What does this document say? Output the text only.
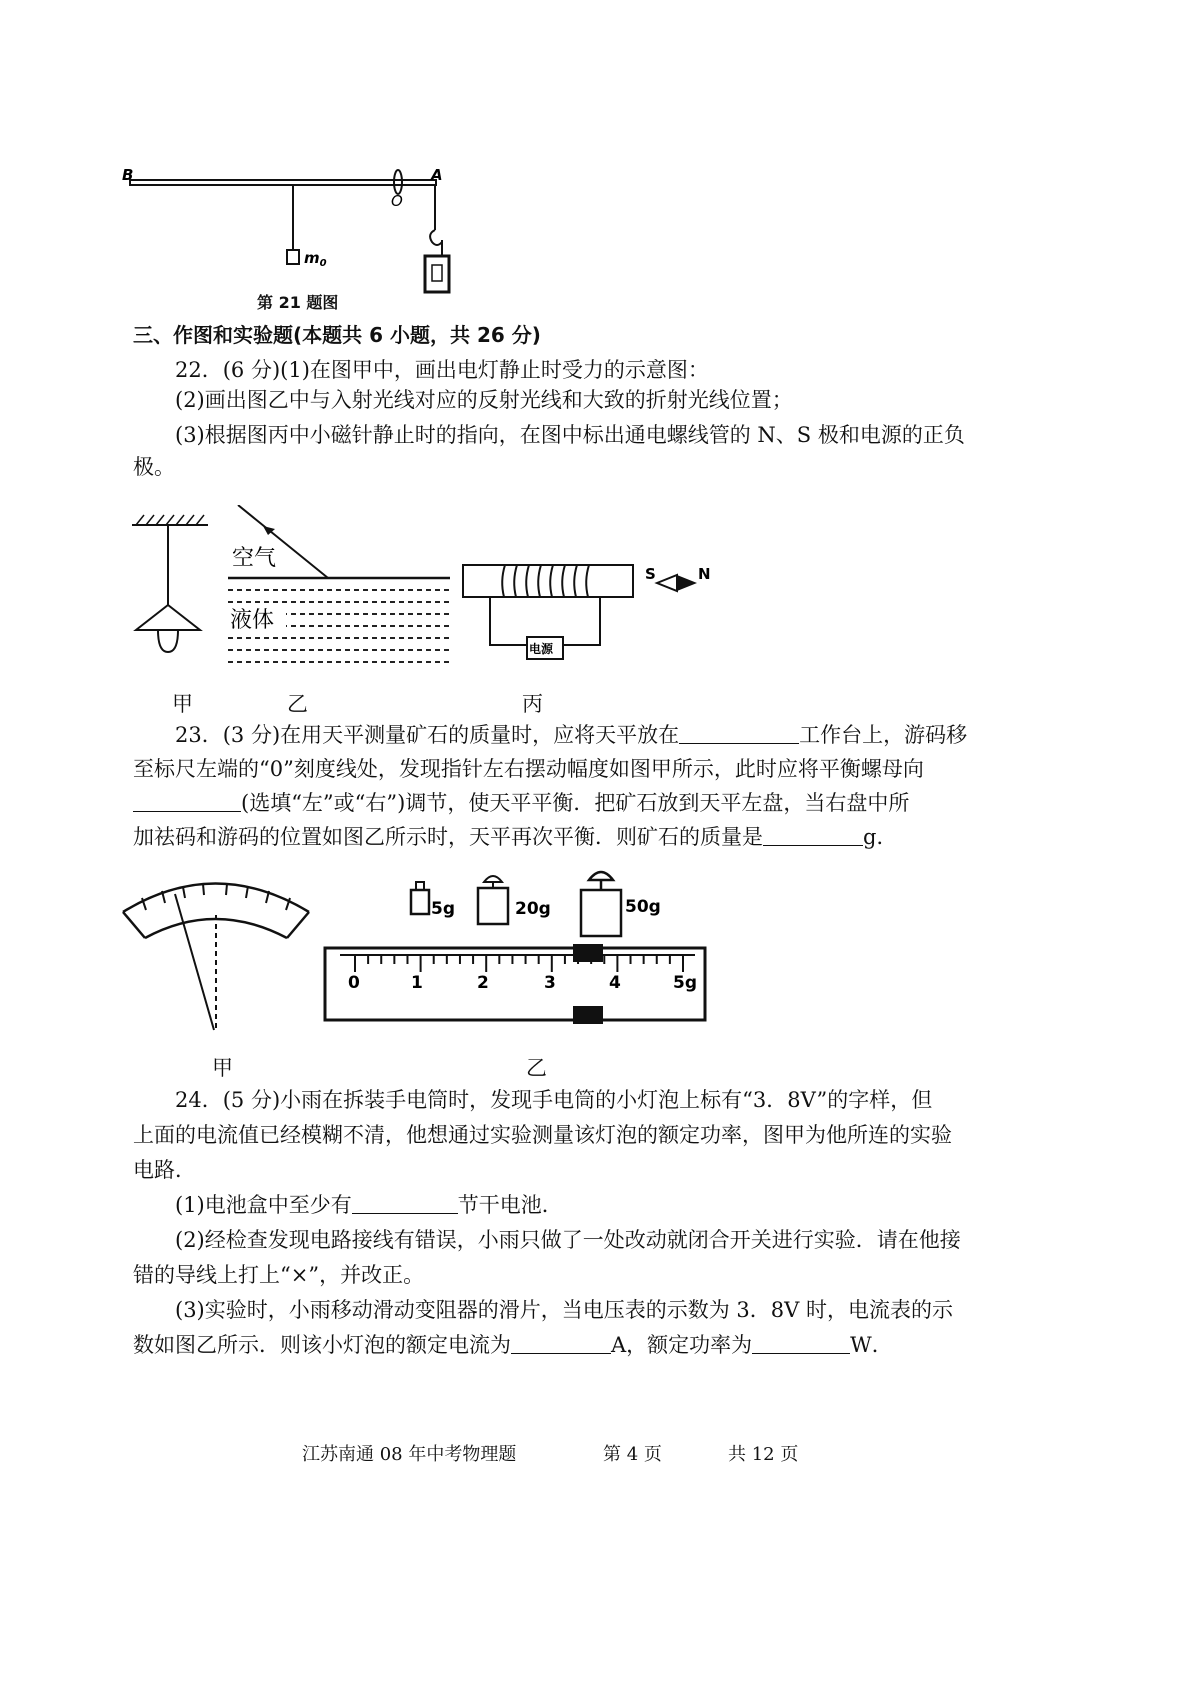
B	A
O
$m_0$
第 21 题图
三、作图和实验题(本题共 6 小题，共 26 分)
22．(6 分)(1)在图甲中，画出电灯静止时受力的示意图：
(2)画出图乙中与入射光线对应的反射光线和大致的折射光线位置；
(3)根据图丙中小磁针静止时的指向，在图中标出通电螺线管的 N、S 极和电源的正负
极。
空气
液体
电源
S	N
甲	乙	丙
23．(3 分)在用天平测量矿石的质量时，应将天平放在	工作台上，游码移
至标尺左端的“0”刻度线处，发现指针左右摆动幅度如图甲所示，此时应将平衡螺母向
(选填“左”或“右”)调节，使天平平衡．把矿石放到天平左盘，当右盘中所
加祛码和游码的位置如图乙所示时，天平再次平衡．则矿石的质量是	g．
5g	20g	50g
0	1	2	3	4	5g
甲	乙
24．(5 分)小雨在拆装手电筒时，发现手电筒的小灯泡上标有“3．8V”的字样，但
上面的电流值已经模糊不清，他想通过实验测量该灯泡的额定功率，图甲为他所连的实验
电路．
(1)电池盒中至少有	节干电池．
(2)经检查发现电路接线有错误，小雨只做了一处改动就闭合开关进行实验．请在他接
错的导线上打上“×”，并改正。
(3)实验时，小雨移动滑动变阻器的滑片，当电压表的示数为 3．8V 时，电流表的示
数如图乙所示．则该小灯泡的额定电流为	A，额定功率为	W．
江苏南通 08 年中考物理题	第 4 页	共 12 页
